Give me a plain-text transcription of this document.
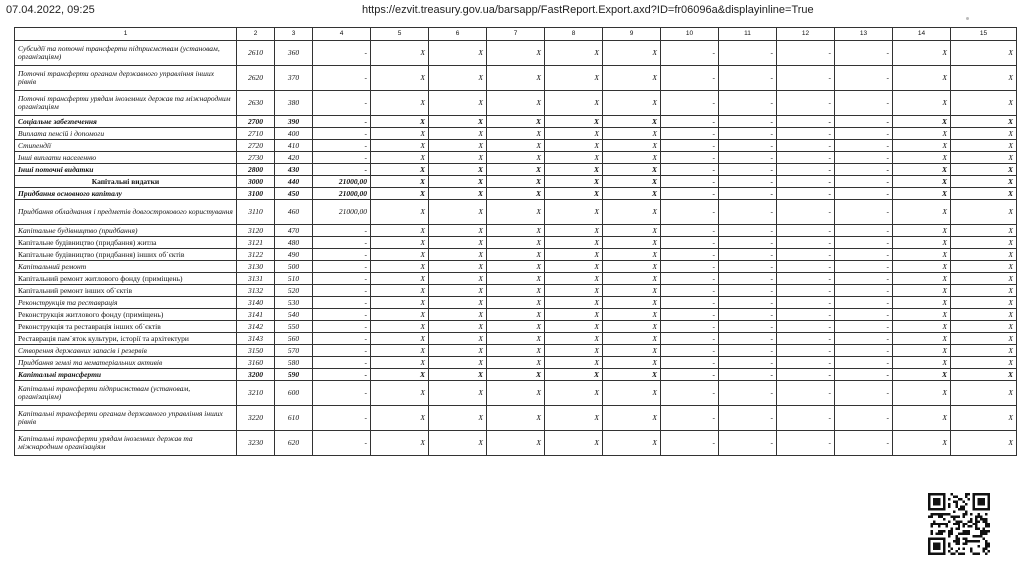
07.04.2022, 09:25	https://ezvit.treasury.gov.ua/barsapp/FastReport.Export.axd?ID=fr06096a&displayinline=True
1	2	3	4	5	6	7	8	9	10	11	12	13	14	15
Субсидії та поточні трансферти підприємствам (установам, організаціям)	2610	360	-	X	X	X	X	X	-	-	-	-	X	X
Поточні трансферти органам державного управління інших рівнів	2620	370	-	X	X	X	X	X	-	-	-	-	X	X
Поточні трансферти урядам іноземних держав та міжнародним організаціям	2630	380	-	X	X	X	X	X	-	-	-	-	X	X
Соціальне забезпечення	2700	390	-	X	X	X	X	X	-	-	-	-	X	X
Виплата пенсій і допомоги	2710	400	-	X	X	X	X	X	-	-	-	-	X	X
Стипендії	2720	410	-	X	X	X	X	X	-	-	-	-	X	X
Інші виплати населенню	2730	420	-	X	X	X	X	X	-	-	-	-	X	X
Інші поточні видатки	2800	430	-	X	X	X	X	X	-	-	-	-	X	X
Капітальні видатки	3000	440	21000,00	X	X	X	X	X	-	-	-	-	X	X
Придбання основного капіталу	3100	450	21000,00	X	X	X	X	X	-	-	-	-	X	X
Придбання обладнання і предметів довгострокового користування	3110	460	21000,00	X	X	X	X	X	-	-	-	-	X	X
Капітальне будівництво (придбання)	3120	470	-	X	X	X	X	X	-	-	-	-	X	X
Капітальне будівництво (придбання) житла	3121	480	-	X	X	X	X	X	-	-	-	-	X	X
Капітальне будівництво (придбання) інших об`єктів	3122	490	-	X	X	X	X	X	-	-	-	-	X	X
Капітальний ремонт	3130	500	-	X	X	X	X	X	-	-	-	-	X	X
Капітальний ремонт житлового фонду (приміщень)	3131	510	-	X	X	X	X	X	-	-	-	-	X	X
Капітальний ремонт інших об`єктів	3132	520	-	X	X	X	X	X	-	-	-	-	X	X
Реконструкція та реставрація	3140	530	-	X	X	X	X	X	-	-	-	-	X	X
Реконструкція житлового фонду (приміщень)	3141	540	-	X	X	X	X	X	-	-	-	-	X	X
Реконструкція та реставрація інших об`єктів	3142	550	-	X	X	X	X	X	-	-	-	-	X	X
Реставрація пам`яток культури, історії та архітектури	3143	560	-	X	X	X	X	X	-	-	-	-	X	X
Створення державних запасів і резервів	3150	570	-	X	X	X	X	X	-	-	-	-	X	X
Придбання землі та нематеріальних активів	3160	580	-	X	X	X	X	X	-	-	-	-	X	X
Капітальні трансферти	3200	590	-	X	X	X	X	X	-	-	-	-	X	X
Капітальні трансферти підприємствам (установам, організаціям)	3210	600	-	X	X	X	X	X	-	-	-	-	X	X
Капітальні трансферти органам державного управління інших рівнів	3220	610	-	X	X	X	X	X	-	-	-	-	X	X
Капітальні трансферти урядам іноземних держав та міжнародним організаціям	3230	620	-	X	X	X	X	X	-	-	-	-	X	X
